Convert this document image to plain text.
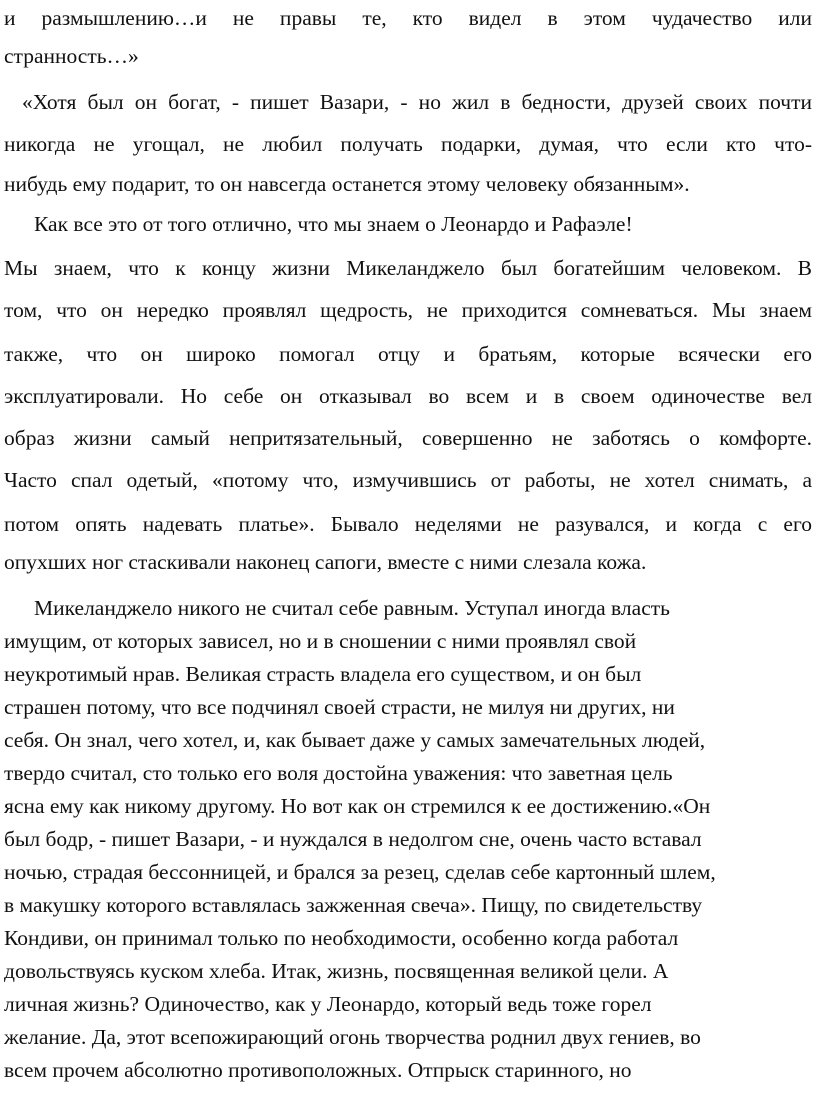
и размышлению…и не правы те, кто видел в этом чудачество или

странность…»

«Хотя был он богат, - пишет Вазари, - но жил в бедности, друзей своих почти

никогда не угощал, не любил получать подарки, думая, что если кто что-

нибудь ему подарит, то он навсегда останется этому человеку обязанным».

Как все это от того отлично, что мы знаем о Леонардо и Рафаэле!

Мы знаем, что к концу жизни Микеланджело был богатейшим человеком. В

том, что он нередко проявлял щедрость, не приходится сомневаться. Мы знаем

также, что он широко помогал отцу и братьям, которые всячески его

эксплуатировали. Но себе он отказывал во всем и в своем одиночестве вел

образ жизни самый непритязательный, совершенно не заботясь о комфорте.

Часто спал одетый, «потому что, измучившись от работы, не хотел снимать, а

потом опять надевать платье». Бывало неделями не разувался, и когда с его

опухших ног стаскивали наконец сапоги, вместе с ними слезала кожа.

Микеланджело никого не считал себе равным. Уступал иногда власть

имущим, от которых зависел, но и в сношении с ними проявлял свой

неукротимый нрав. Великая страсть владела его существом, и он был

страшен потому, что все подчинял своей страсти, не милуя ни других, ни

себя. Он знал, чего хотел, и, как бывает даже у самых замечательных людей,

твердо считал, сто только его воля достойна уважения: что заветная цель

ясна ему как никому другому. Но вот как он стремился к ее достижению.«Он

был бодр, - пишет Вазари, - и нуждался в недолгом сне, очень часто вставал

ночью, страдая бессонницей, и брался за резец, сделав себе картонный шлем,

в макушку которого вставлялась зажженная свеча». Пищу, по свидетельству

Кондиви, он принимал только по необходимости, особенно когда работал

довольствуясь куском хлеба. Итак, жизнь, посвященная великой цели. А

личная жизнь? Одиночество, как у Леонардо, который ведь тоже горел

желание. Да, этот всепожирающий огонь творчества роднил двух гениев, во

всем прочем абсолютно противоположных. Отпрыск старинного, но
